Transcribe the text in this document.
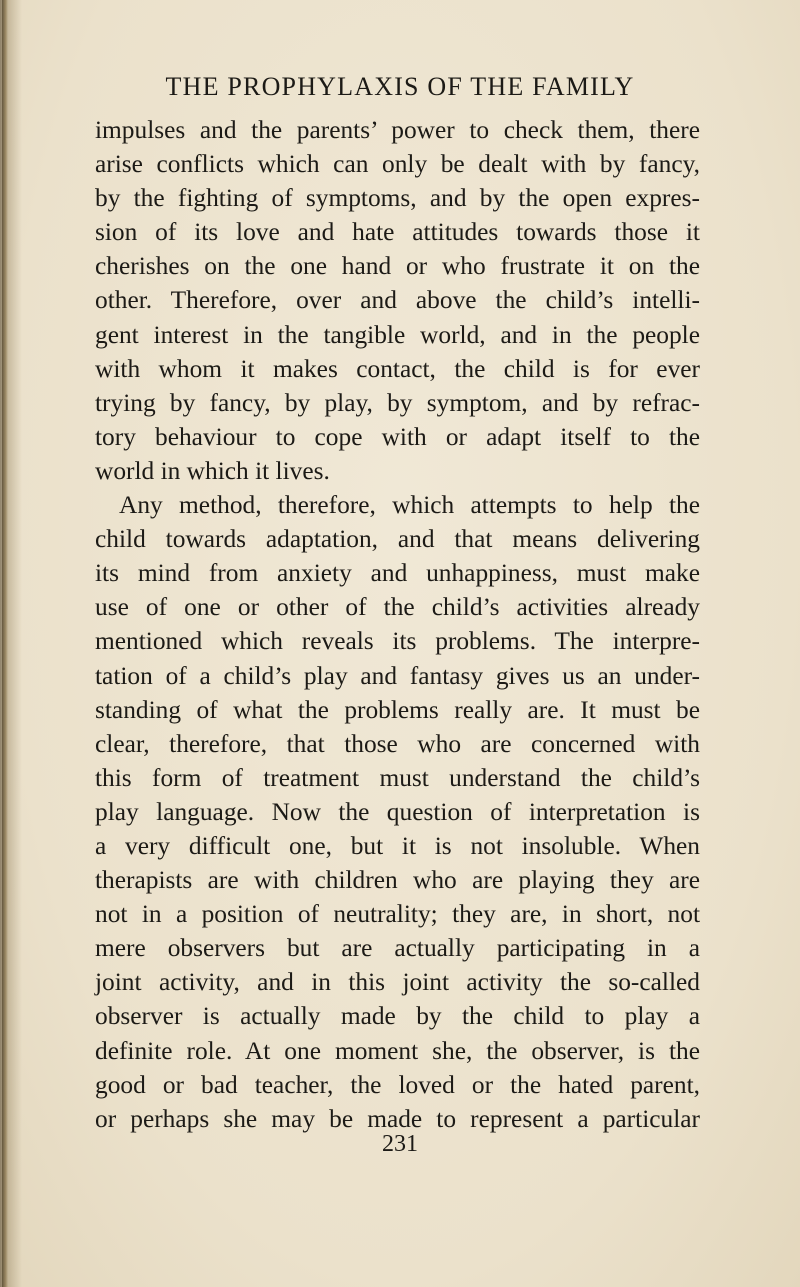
THE PROPHYLAXIS OF THE FAMILY
impulses and the parents’ power to check them, there
arise conflicts which can only be dealt with by fancy,
by the fighting of symptoms, and by the open expres-
sion of its love and hate attitudes towards those it
cherishes on the one hand or who frustrate it on the
other. Therefore, over and above the child’s intelli-
gent interest in the tangible world, and in the people
with whom it makes contact, the child is for ever
trying by fancy, by play, by symptom, and by refrac-
tory behaviour to cope with or adapt itself to the
world in which it lives.
Any method, therefore, which attempts to help the
child towards adaptation, and that means delivering
its mind from anxiety and unhappiness, must make
use of one or other of the child’s activities already
mentioned which reveals its problems. The interpre-
tation of a child’s play and fantasy gives us an under-
standing of what the problems really are. It must be
clear, therefore, that those who are concerned with
this form of treatment must understand the child’s
play language. Now the question of interpretation is
a very difficult one, but it is not insoluble. When
therapists are with children who are playing they are
not in a position of neutrality; they are, in short, not
mere observers but are actually participating in a
joint activity, and in this joint activity the so-called
observer is actually made by the child to play a
definite role. At one moment she, the observer, is the
good or bad teacher, the loved or the hated parent,
or perhaps she may be made to represent a particular
231
